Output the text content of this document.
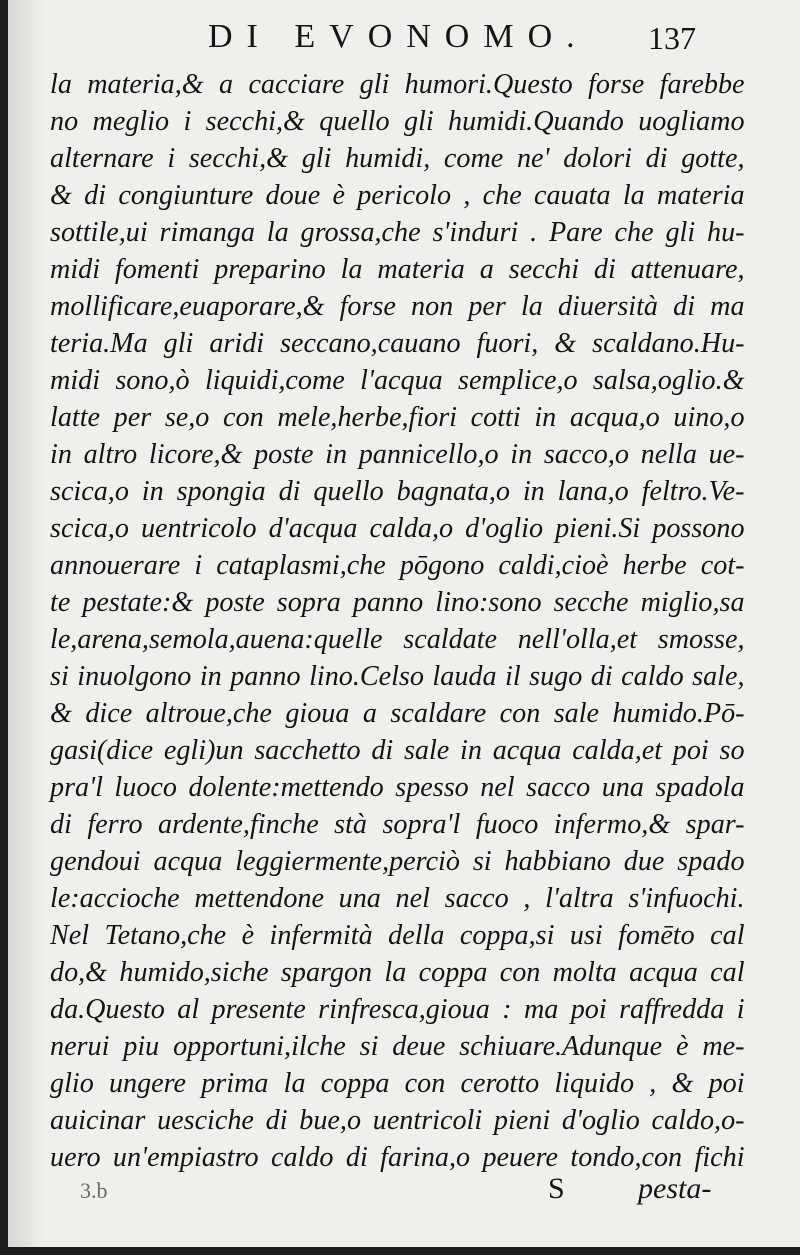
DI EVONOMO. 137
la materia,& a cacciare gli humori.Questo forse farebbe
no meglio i secchi,& quello gli humidi.Quando uogliamo
alternare i secchi,& gli humidi, come ne' dolori di gotte,
& di congiunture doue è pericolo , che cauata la materia
sottile,ui rimanga la grossa,che s'induri . Pare che gli hu-
midi fomenti preparino la materia a secchi di attenuare,
mollificare,euaporare,& forse non per la diuersità di ma
teria.Ma gli aridi seccano,cauano fuori, & scaldano.Hu-
midi sono,ò liquidi,come l'acqua semplice,o salsa,oglio.&
latte per se,o con mele,herbe,fiori cotti in acqua,o uino,o
in altro licore,& poste in pannicello,o in sacco,o nella ue-
scica,o in spongia di quello bagnata,o in lana,o feltro.Ve-
scica,o uentricolo d'acqua calda,o d'oglio pieni.Si possono
annouerare i cataplasmi,che pōgono caldi,cioè herbe cot-
te pestate:& poste sopra panno lino:sono secche miglio,sa
le,arena,semola,auena:quelle scaldate nell'olla,et smosse,
si inuolgono in panno lino.Celso lauda il sugo di caldo sale,
& dice altroue,che gioua a scaldare con sale humido.Pō-
gasi(dice egli)un sacchetto di sale in acqua calda,et poi so
pra'l luoco dolente:mettendo spesso nel sacco una spadola
di ferro ardente,finche stà sopra'l fuoco infermo,& spar-
gendoui acqua leggiermente,perciò si habbiano due spado
le:accioche mettendone una nel sacco , l'altra s'infuochi.
Nel Tetano,che è infermità della coppa,si usi fomēto cal
do,& humido,siche spargon la coppa con molta acqua cal
da.Questo al presente rinfresca,gioua : ma poi raffredda i
nerui piu opportuni,ilche si deue schiuare.Adunque è me-
glio ungere prima la coppa con cerotto liquido , & poi
auicinar uesciche di bue,o uentricoli pieni d'oglio caldo,o-
uero un'empiastro caldo di farina,o peuere tondo,con fichi
3.b	S pesta-
